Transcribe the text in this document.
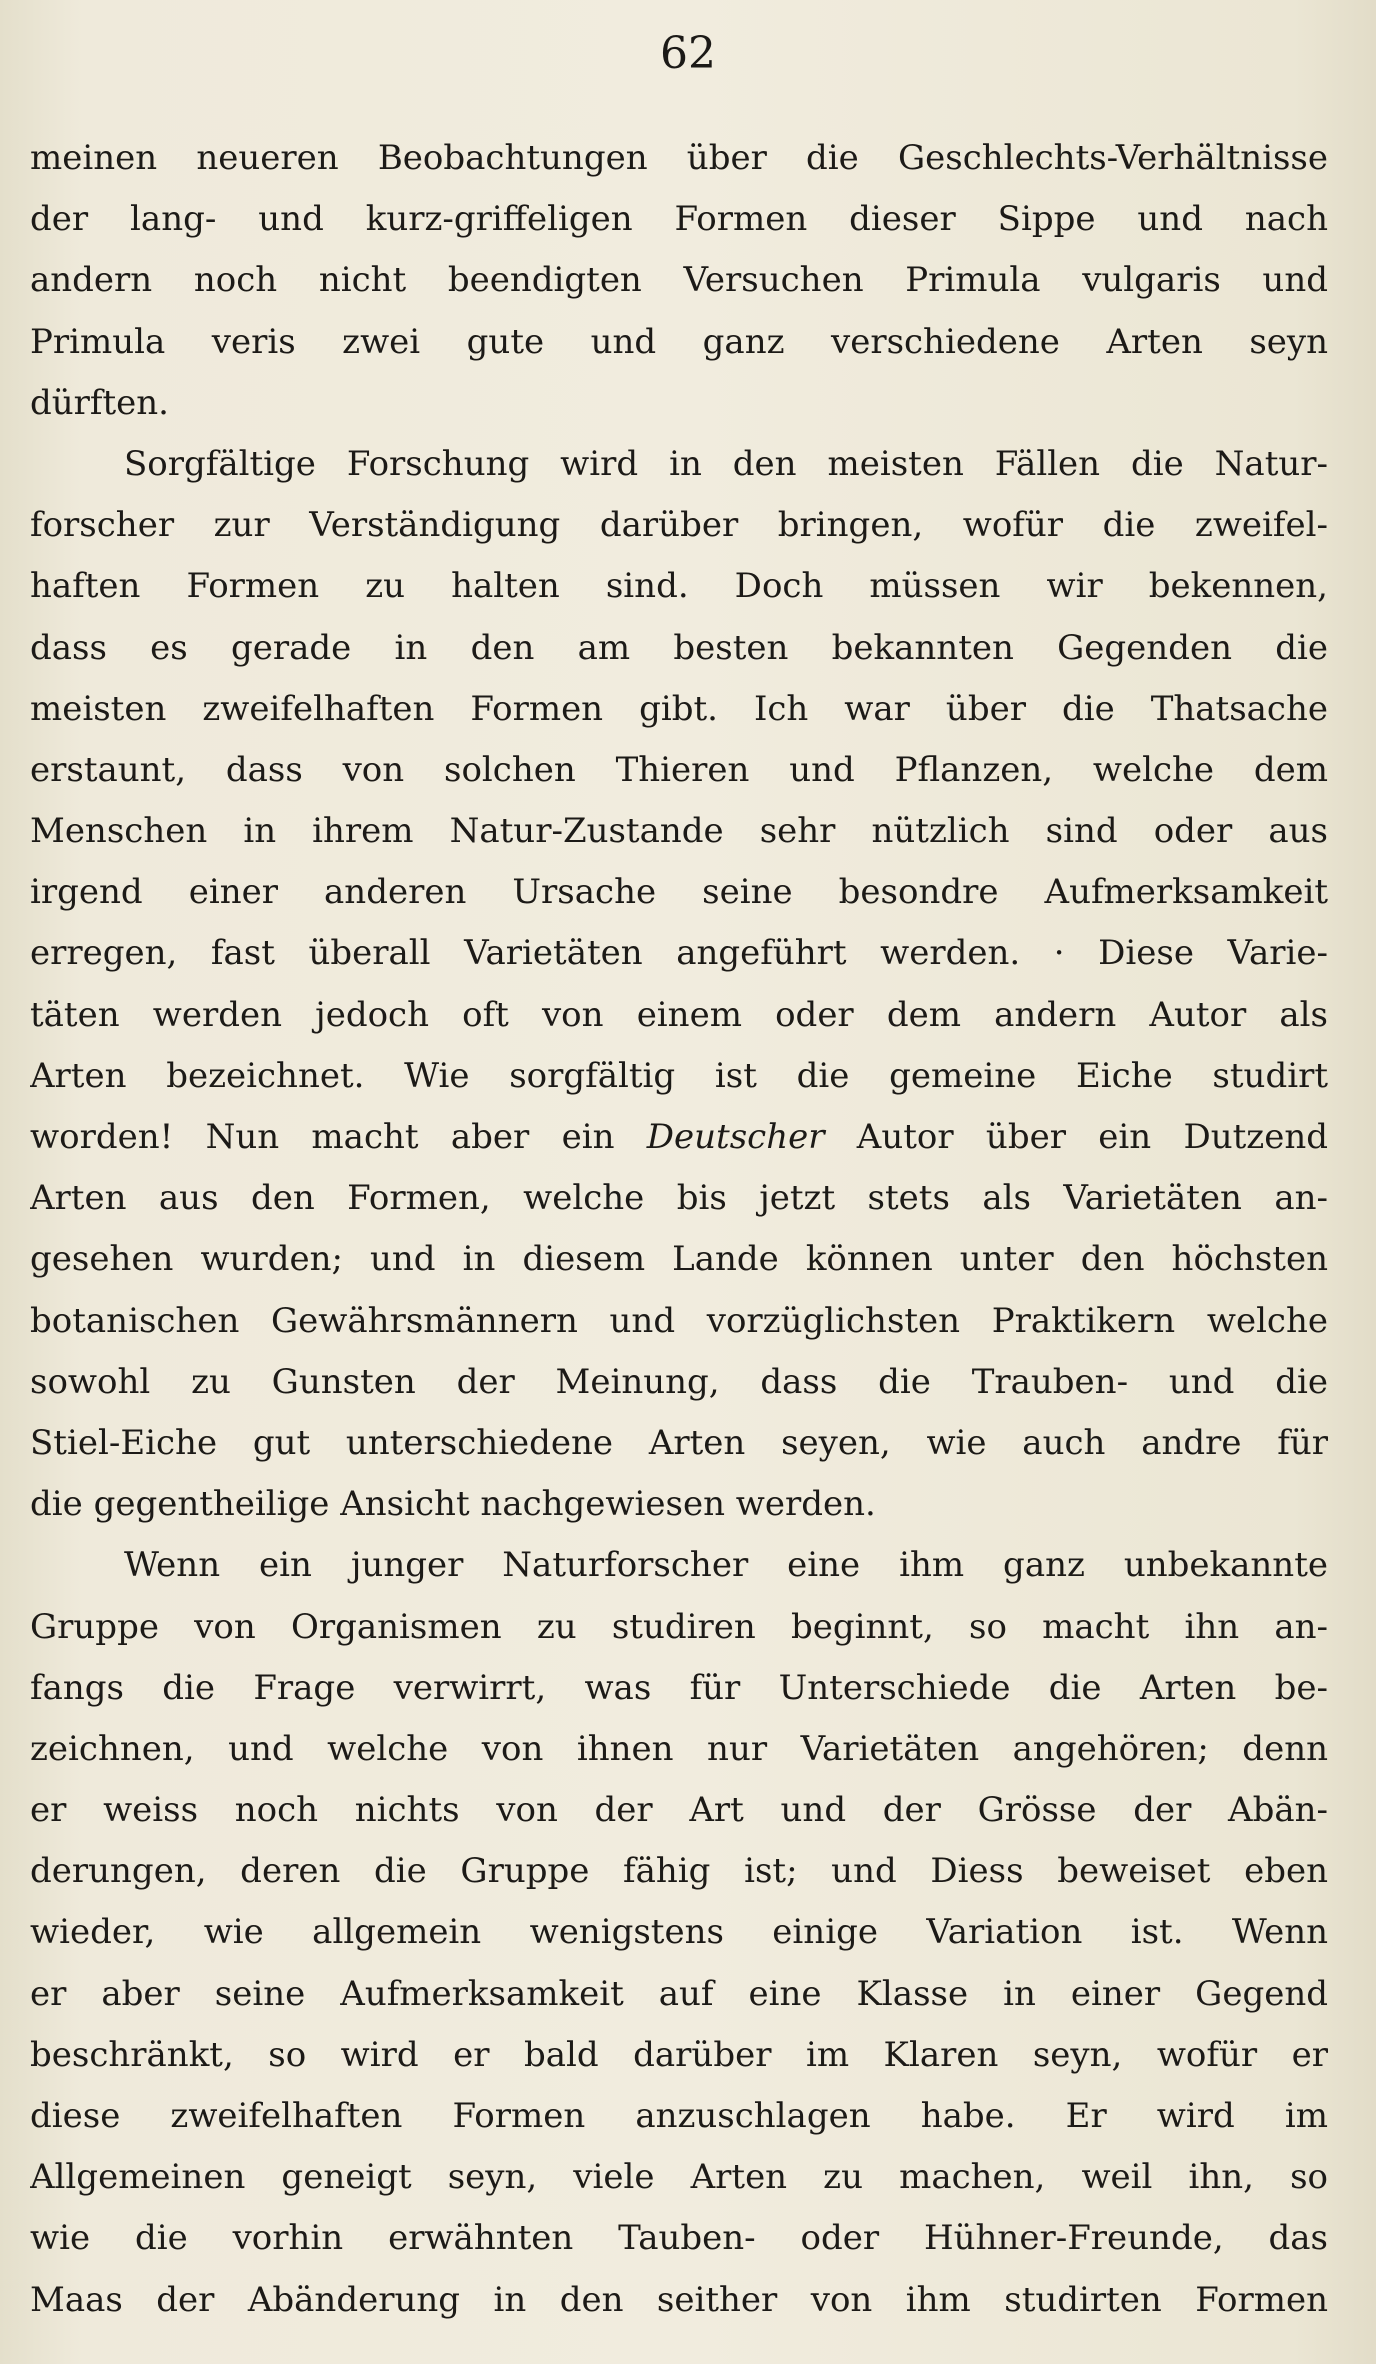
62
meinen neueren Beobachtungen über die Geschlechts-Verhältnisse
der lang- und kurz-griffeligen Formen dieser Sippe und nach
andern noch nicht beendigten Versuchen Primula vulgaris und
Primula veris zwei gute und ganz verschiedene Arten seyn
dürften.
Sorgfältige Forschung wird in den meisten Fällen die Natur-
forscher zur Verständigung darüber bringen, wofür die zweifel-
haften Formen zu halten sind. Doch müssen wir bekennen,
dass es gerade in den am besten bekannten Gegenden die
meisten zweifelhaften Formen gibt. Ich war über die Thatsache
erstaunt, dass von solchen Thieren und Pflanzen, welche dem
Menschen in ihrem Natur-Zustande sehr nützlich sind oder aus
irgend einer anderen Ursache seine besondre Aufmerksamkeit
erregen, fast überall Varietäten angeführt werden. · Diese Varie-
täten werden jedoch oft von einem oder dem andern Autor als
Arten bezeichnet. Wie sorgfältig ist die gemeine Eiche studirt
worden! Nun macht aber ein Deutscher Autor über ein Dutzend
Arten aus den Formen, welche bis jetzt stets als Varietäten an-
gesehen wurden; und in diesem Lande können unter den höchsten
botanischen Gewährsmännern und vorzüglichsten Praktikern welche
sowohl zu Gunsten der Meinung, dass die Trauben- und die
Stiel-Eiche gut unterschiedene Arten seyen, wie auch andre für
die gegentheilige Ansicht nachgewiesen werden.
Wenn ein junger Naturforscher eine ihm ganz unbekannte
Gruppe von Organismen zu studiren beginnt, so macht ihn an-
fangs die Frage verwirrt, was für Unterschiede die Arten be-
zeichnen, und welche von ihnen nur Varietäten angehören; denn
er weiss noch nichts von der Art und der Grösse der Abän-
derungen, deren die Gruppe fähig ist; und Diess beweiset eben
wieder, wie allgemein wenigstens einige Variation ist. Wenn
er aber seine Aufmerksamkeit auf eine Klasse in einer Gegend
beschränkt, so wird er bald darüber im Klaren seyn, wofür er
diese zweifelhaften Formen anzuschlagen habe. Er wird im
Allgemeinen geneigt seyn, viele Arten zu machen, weil ihn, so
wie die vorhin erwähnten Tauben- oder Hühner-Freunde, das
Maas der Abänderung in den seither von ihm studirten Formen
